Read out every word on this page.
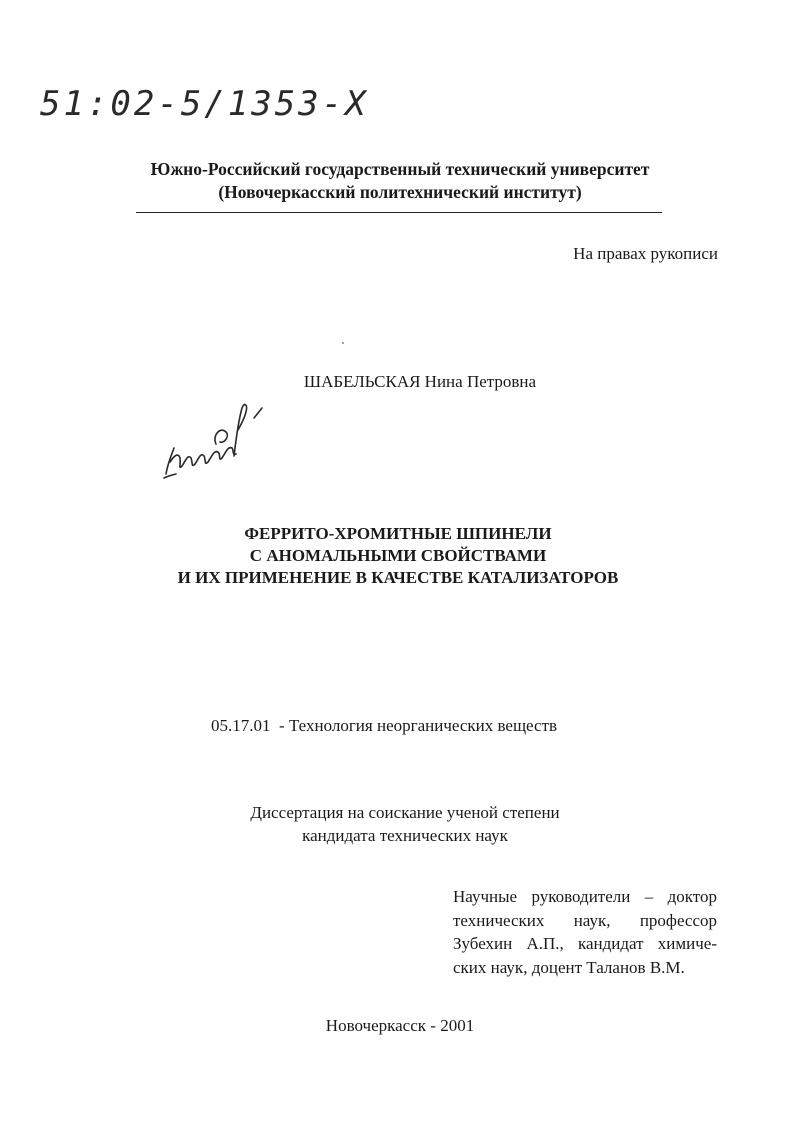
51:02-5/1353-X
Южно-Российский государственный технический университет
(Новочеркасский политехнический институт)
На правах рукописи
ШАБЕЛЬСКАЯ Нина Петровна
ФЕРРИТО-ХРОМИТНЫЕ ШПИНЕЛИ
С АНОМАЛЬНЫМИ СВОЙСТВАМИ
И ИХ ПРИМЕНЕНИЕ В КАЧЕСТВЕ КАТАЛИЗАТОРОВ
05.17.01  - Технология неорганических веществ
Диссертация на соискание ученой степени
кандидата технических наук
Научные руководители – доктор
технических наук, профессор
Зубехин А.П., кандидат химиче-
ских наук, доцент Таланов В.М.
Новочеркасск - 2001
